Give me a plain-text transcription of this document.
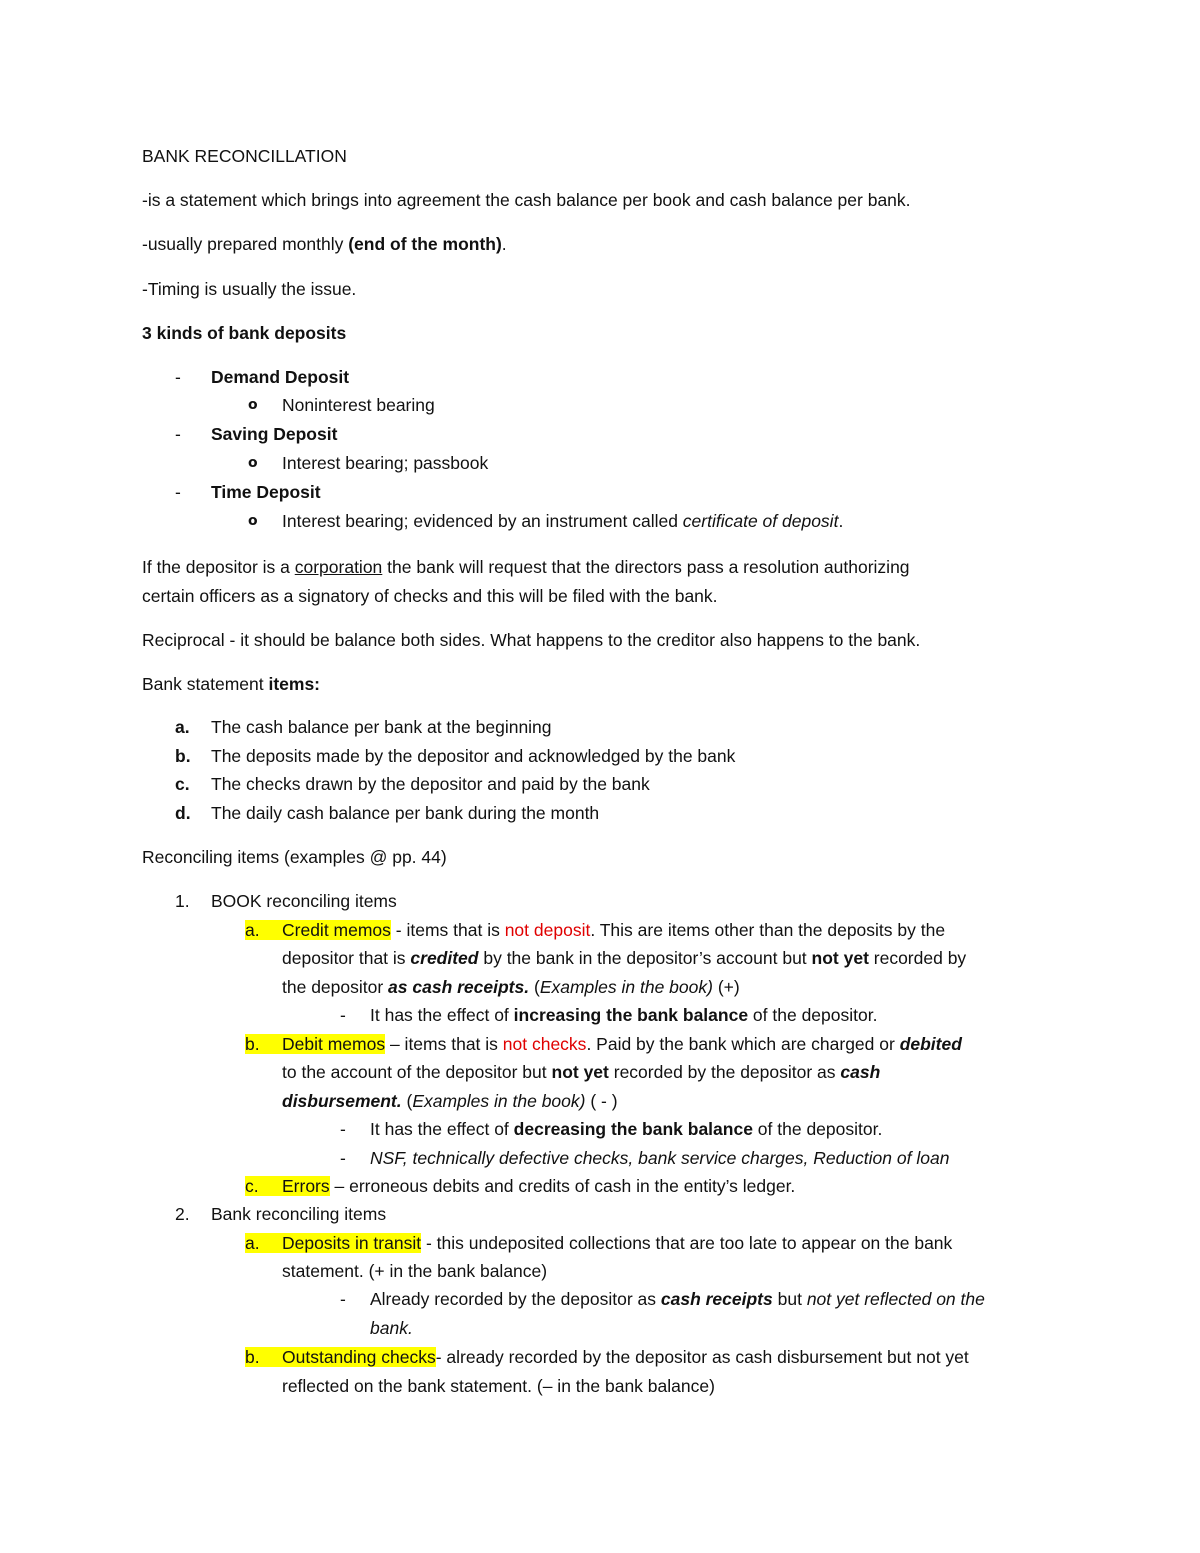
BANK RECONCILLATION
-is a statement which brings into agreement the cash balance per book and cash balance per bank.
-usually prepared monthly (end of the month).
-Timing is usually the issue.
3 kinds of bank deposits
- Demand Deposit
o Noninterest bearing
- Saving Deposit
o Interest bearing; passbook
- Time Deposit
o Interest bearing; evidenced by an instrument called certificate of deposit.
If the depositor is a corporation the bank will request that the directors pass a resolution authorizing
certain officers as a signatory of checks and this will be filed with the bank.
Reciprocal - it should be balance both sides. What happens to the creditor also happens to the bank.
Bank statement items:
a. The cash balance per bank at the beginning
b. The deposits made by the depositor and acknowledged by the bank
c. The checks drawn by the depositor and paid by the bank
d. The daily cash balance per bank during the month
Reconciling items (examples @ pp. 44)
1. BOOK reconciling items
a.	Credit memos - items that is not deposit. This are items other than the deposits by the
depositor that is credited by the bank in the depositor’s account but not yet recorded by
the depositor as cash receipts. (Examples in the book) (+)
- It has the effect of increasing the bank balance of the depositor.
b.	Debit memos – items that is not checks. Paid by the bank which are charged or debited
to the account of the depositor but not yet recorded by the depositor as cash
disbursement. (Examples in the book) ( - )
- It has the effect of decreasing the bank balance of the depositor.
- NSF, technically defective checks, bank service charges, Reduction of loan
c.	Errors – erroneous debits and credits of cash in the entity’s ledger.
2. Bank reconciling items
a.	Deposits in transit - this undeposited collections that are too late to appear on the bank
statement. (+ in the bank balance)
- Already recorded by the depositor as cash receipts but not yet reflected on the
bank.
b.	Outstanding checks- already recorded by the depositor as cash disbursement but not yet
reflected on the bank statement. (– in the bank balance)
